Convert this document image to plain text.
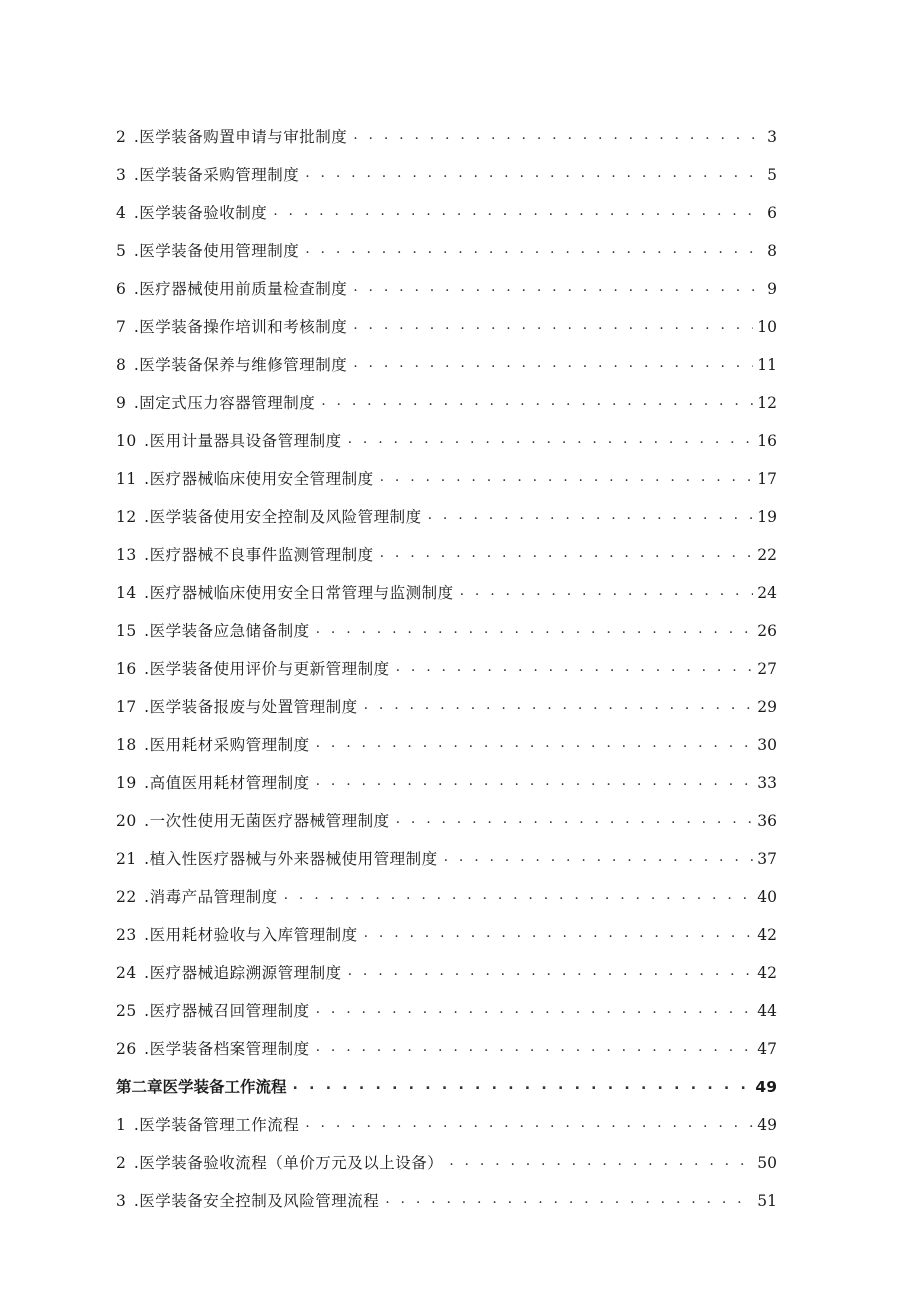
2 .医学装备购置申请与审批制度 . . .	3
3 .医学装备采购管理制度 . . .	5
4 .医学装备验收制度 . . .	6
5 .医学装备使用管理制度 . . .	8
6 .医疗器械使用前质量检查制度 . . .	9
7 .医学装备操作培训和考核制度 . . .	10
8 .医学装备保养与维修管理制度 . . .	11
9 .固定式压力容器管理制度 . . .	12
10 .医用计量器具设备管理制度 . . .	16
11 .医疗器械临床使用安全管理制度 . . .	17
12 .医学装备使用安全控制及风险管理制度 . . .	19
13 .医疗器械不良事件监测管理制度 . . .	22
14 .医疗器械临床使用安全日常管理与监测制度 . . .	24
15 .医学装备应急储备制度 . . .	26
16 .医学装备使用评价与更新管理制度 . . .	27
17 .医学装备报废与处置管理制度 . . .	29
18 .医用耗材采购管理制度 . . .	30
19 .高值医用耗材管理制度 . . .	33
20 .一次性使用无菌医疗器械管理制度 . . .	36
21 .植入性医疗器械与外来器械使用管理制度 . . .	37
22 .消毒产品管理制度 . . .	40
23 .医用耗材验收与入库管理制度 . . .	42
24 .医疗器械追踪溯源管理制度 . . .	42
25 .医疗器械召回管理制度 . . .	44
26 .医学装备档案管理制度 . . .	47
第二章医学装备工作流程 . . .	49
1 .医学装备管理工作流程 . . .	49
2 .医学装备验收流程（单价万元及以上设备） . . .	50
3 .医学装备安全控制及风险管理流程 . . .	51
